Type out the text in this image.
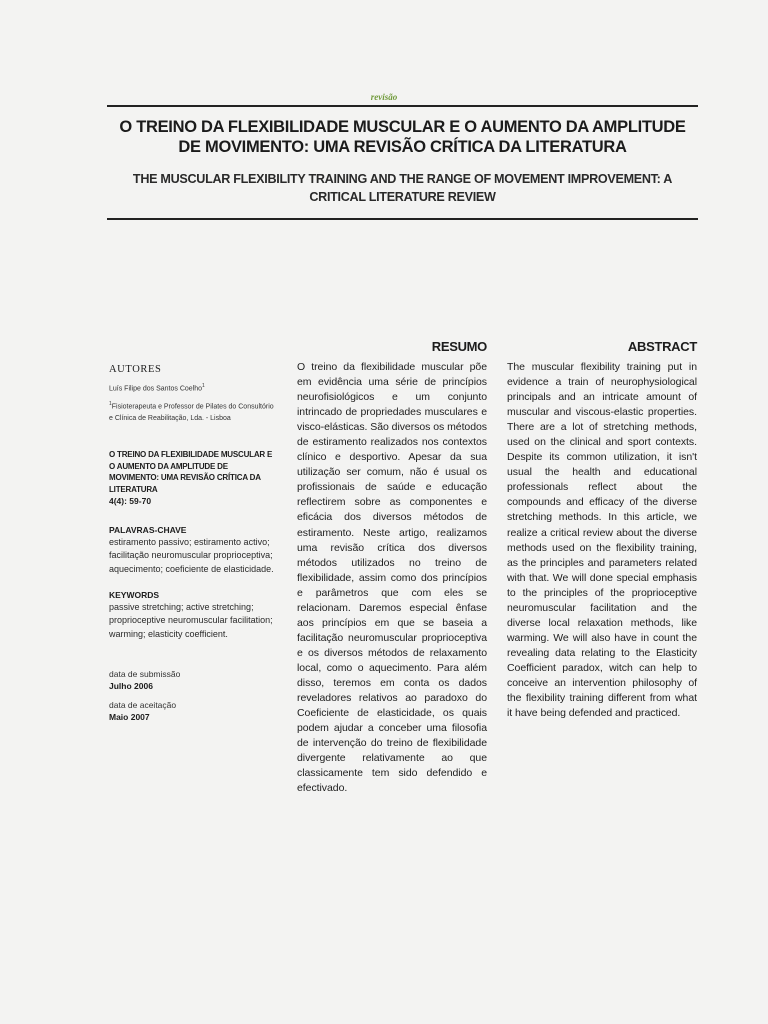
revisão
O TREINO DA FLEXIBILIDADE MUSCULAR E O AUMENTO DA AMPLITUDE DE MOVIMENTO: UMA REVISÃO CRÍTICA DA LITERATURA
THE MUSCULAR FLEXIBILITY TRAINING AND THE RANGE OF MOVEMENT IMPROVEMENT: A CRITICAL LITERATURE REVIEW
AUTORES
Luís Filipe dos Santos Coelho$^1$
$^1$Fisioterapeuta e Professor de Pilates do Consultório e Clínica de Reabilitação, Lda. - Lisboa
O TREINO DA FLEXIBILIDADE MUSCULAR E O AUMENTO DA AMPLITUDE DE MOVIMENTO: UMA REVISÃO CRÍTICA DA LITERATURA
4(4): 59-70
PALAVRAS-CHAVE
estiramento passivo; estiramento activo; facilitação neuromuscular proprioceptiva; aquecimento; coeficiente de elasticidade.
KEYWORDS
passive stretching; active stretching; proprioceptive neuromuscular facilitation; warming; elasticity coefficient.
data de submissão
Julho 2006
data de aceitação
Maio 2007
RESUMO
O treino da flexibilidade muscular põe em evidência uma série de princípios neurofisiológicos e um conjunto intrincado de propriedades musculares e visco-elásticas. São diversos os métodos de estiramento realizados nos contextos clínico e desportivo. Apesar da sua utilização ser comum, não é usual os profissionais de saúde e educação reflectirem sobre as componentes e eficácia dos diversos métodos de estiramento. Neste artigo, realizamos uma revisão crítica dos diversos métodos utilizados no treino de flexibilidade, assim como dos princípios e parâmetros que com eles se relacionam. Daremos especial ênfase aos princípios em que se baseia a facilitação neuromuscular proprioceptiva e os diversos métodos de relaxamento local, como o aquecimento. Para além disso, teremos em conta os dados reveladores relativos ao paradoxo do Coeficiente de elasticidade, os quais podem ajudar a conceber uma filosofia de intervenção do treino de flexibilidade divergente relativamente ao que classicamente tem sido defendido e efectivado.
ABSTRACT
The muscular flexibility training put in evidence a train of neurophysiological principals and an intricate amount of muscular and viscous-elastic properties. There are a lot of stretching methods, used on the clinical and sport contexts. Despite its common utilization, it isn't usual the health and educational professionals reflect about the compounds and efficacy of the diverse stretching methods. In this article, we realize a critical review about the diverse methods used on the flexibility training, as the principles and parameters related with that. We will done special emphasis to the principles of the proprioceptive neuromuscular facilitation and the diverse local relaxation methods, like warming. We will also have in count the revealing data relating to the Elasticity Coefficient paradox, witch can help to conceive an intervention philosophy of the flexibility training different from what it have being defended and practiced.
